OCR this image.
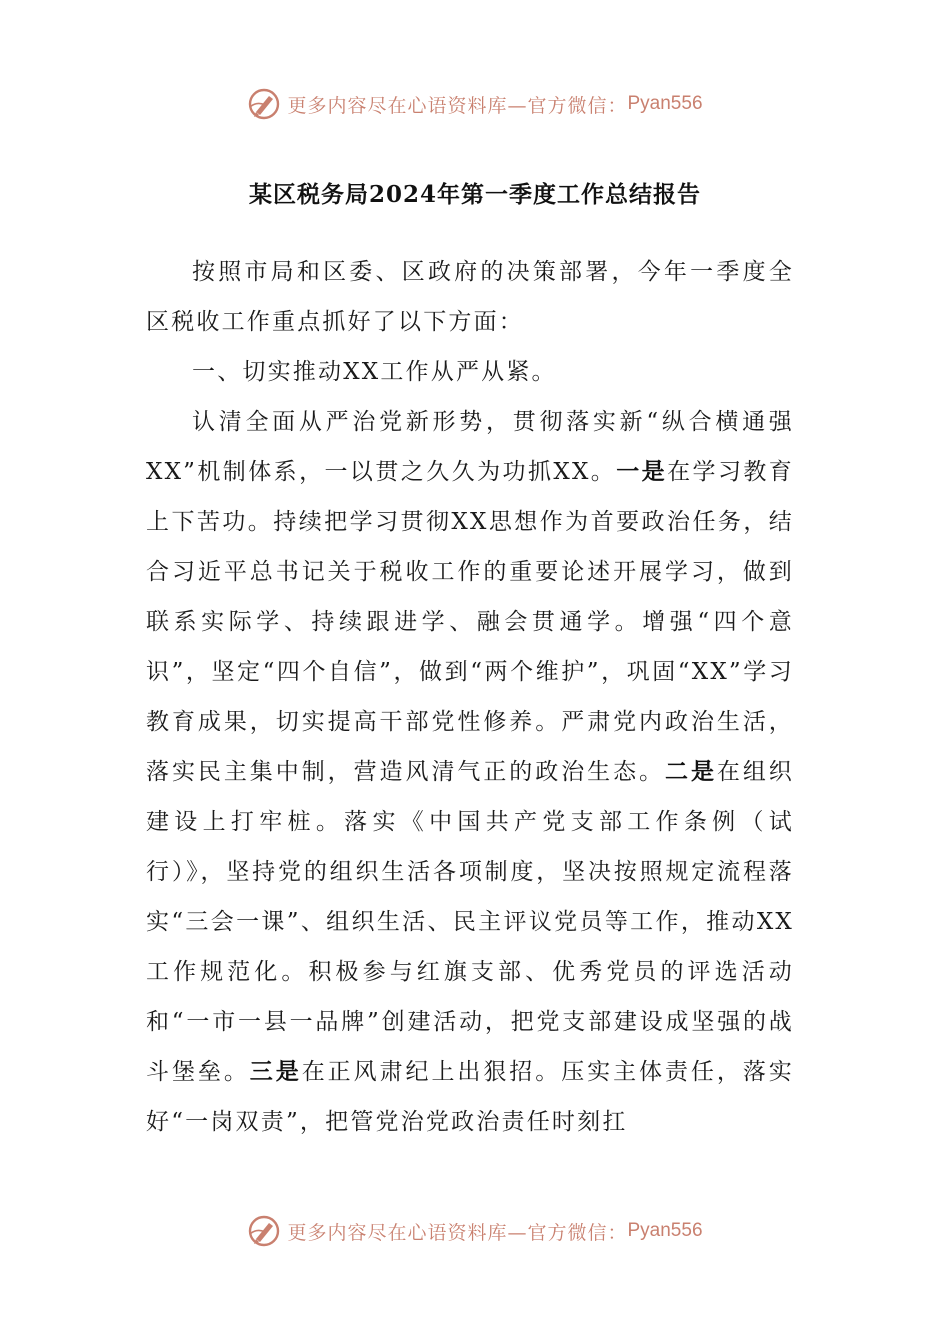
更多内容尽在心语资料库—官方微信： Pyan556
某区税务局2024年第一季度工作总结报告

按照市局和区委、区政府的决策部署，今年一季度全区税收工作重点抓好了以下方面：

一、切实推动XX工作从严从紧。

认清全面从严治党新形势，贯彻落实新“纵合横通强XX”机制体系，一以贯之久久为功抓XX。一是在学习教育上下苦功。持续把学习贯彻XX思想作为首要政治任务，结合习近平总书记关于税收工作的重要论述开展学习，做到联系实际学、持续跟进学、融会贯通学。增强“四个意识”，坚定“四个自信”，做到“两个维护”，巩固“XX”学习教育成果，切实提高干部党性修养。严肃党内政治生活，落实民主集中制，营造风清气正的政治生态。二是在组织建设上打牢桩。落实《中国共产党支部工作条例（试行）》，坚持党的组织生活各项制度，坚决按照规定流程落实“三会一课”、组织生活、民主评议党员等工作，推动XX工作规范化。积极参与红旗支部、优秀党员的评选活动和“一市一县一品牌”创建活动，把党支部建设成坚强的战斗堡垒。三是在正风肃纪上出狠招。压实主体责任，落实好“一岗双责”，把管党治党政治责任时刻扛

更多内容尽在心语资料库—官方微信： Pyan556
